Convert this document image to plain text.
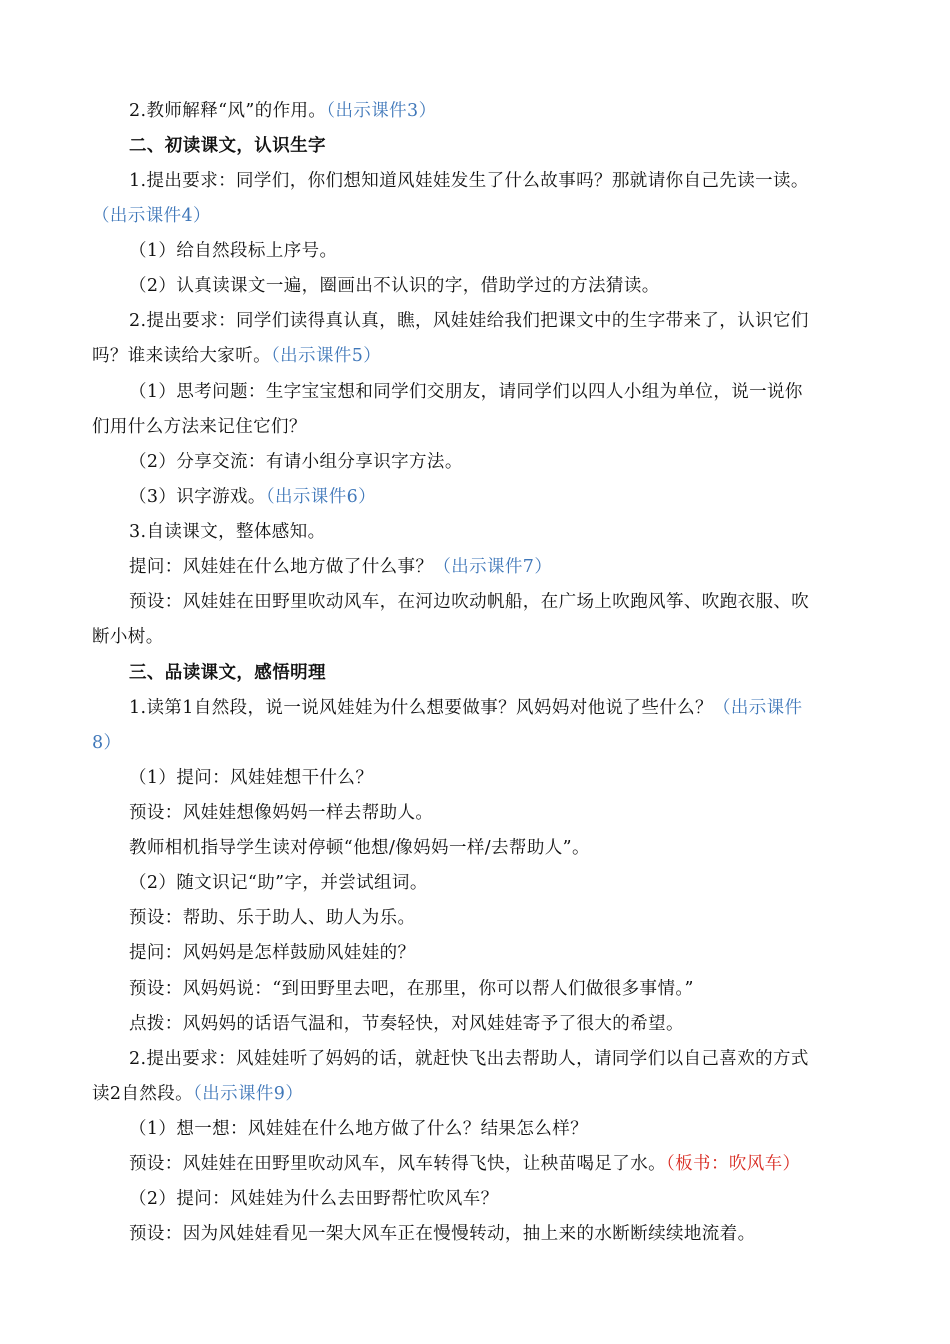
2.教师解释“风”的作用。（出示课件3）
二、初读课文，认识生字
1.提出要求：同学们，你们想知道风娃娃发生了什么故事吗？那就请你自己先读一读。
（出示课件4）
（1）给自然段标上序号。
（2）认真读课文一遍，圈画出不认识的字，借助学过的方法猜读。
2.提出要求：同学们读得真认真，瞧，风娃娃给我们把课文中的生字带来了，认识它们
吗？谁来读给大家听。（出示课件5）
（1）思考问题：生字宝宝想和同学们交朋友，请同学们以四人小组为单位，说一说你
们用什么方法来记住它们？
（2）分享交流：有请小组分享识字方法。
（3）识字游戏。（出示课件6）
3.自读课文，整体感知。
提问：风娃娃在什么地方做了什么事？（出示课件7）
预设：风娃娃在田野里吹动风车，在河边吹动帆船，在广场上吹跑风筝、吹跑衣服、吹
断小树。
三、品读课文，感悟明理
1.读第1自然段，说一说风娃娃为什么想要做事？风妈妈对他说了些什么？（出示课件
8）
（1）提问：风娃娃想干什么？
预设：风娃娃想像妈妈一样去帮助人。
教师相机指导学生读对停顿“他想/像妈妈一样/去帮助人”。
（2）随文识记“助”字，并尝试组词。
预设：帮助、乐于助人、助人为乐。
提问：风妈妈是怎样鼓励风娃娃的？
预设：风妈妈说：“到田野里去吧，在那里，你可以帮人们做很多事情。”
点拨：风妈妈的话语气温和，节奏轻快，对风娃娃寄予了很大的希望。
2.提出要求：风娃娃听了妈妈的话，就赶快飞出去帮助人，请同学们以自己喜欢的方式
读2自然段。（出示课件9）
（1）想一想：风娃娃在什么地方做了什么？结果怎么样？
预设：风娃娃在田野里吹动风车，风车转得飞快，让秧苗喝足了水。（板书：吹风车）
（2）提问：风娃娃为什么去田野帮忙吹风车？
预设：因为风娃娃看见一架大风车正在慢慢转动，抽上来的水断断续续地流着。
